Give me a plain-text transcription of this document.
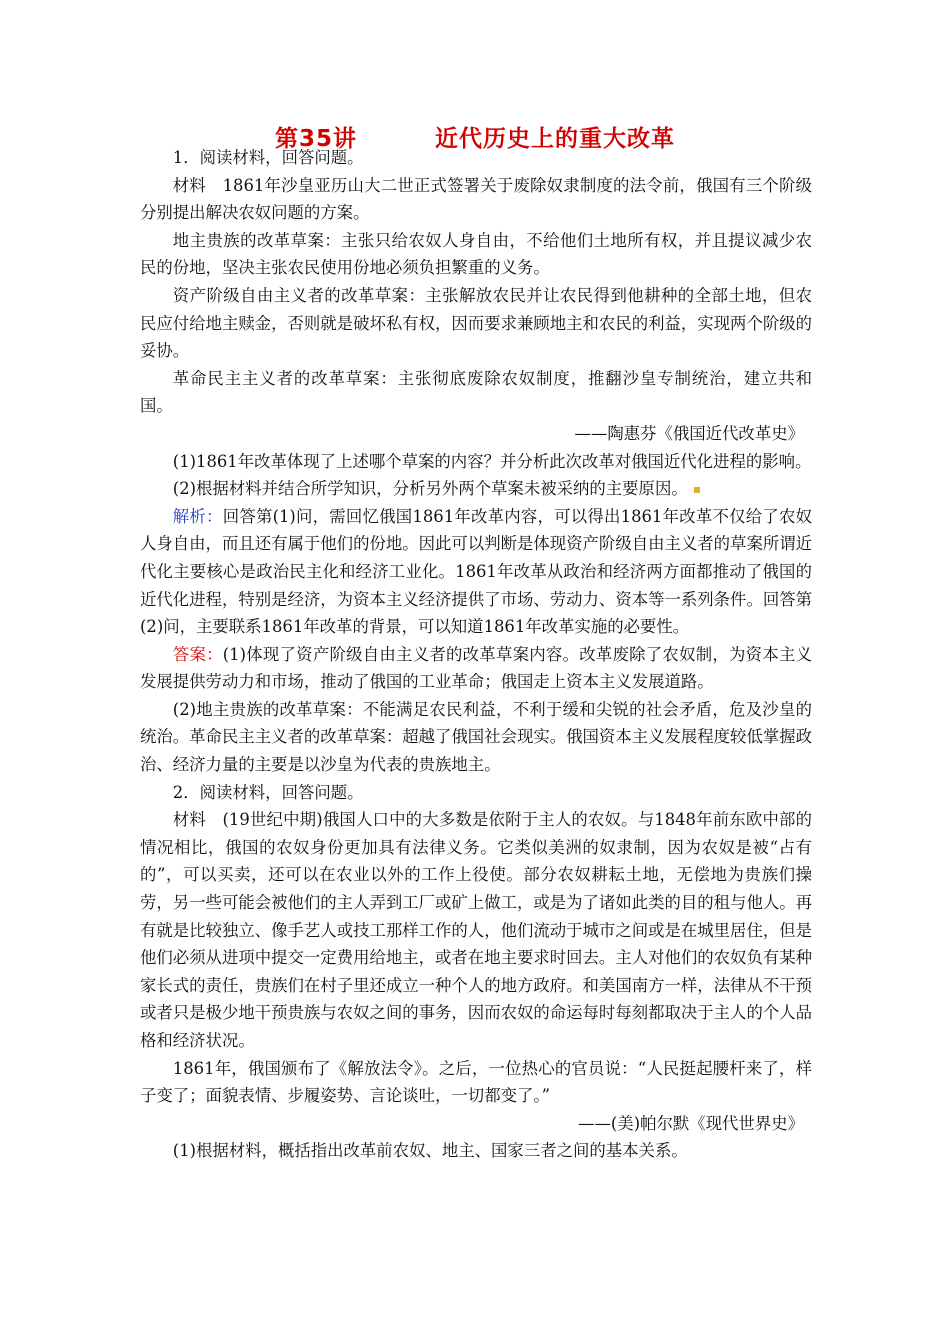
第35讲	近代历史上的重大改革

1．阅读材料，回答问题。

材料　1861年沙皇亚历山大二世正式签署关于废除奴隶制度的法令前，俄国有三个阶级分别提出解决农奴问题的方案。

地主贵族的改革草案：主张只给农奴人身自由，不给他们土地所有权，并且提议减少农民的份地，坚决主张农民使用份地必须负担繁重的义务。

资产阶级自由主义者的改革草案：主张解放农民并让农民得到他耕种的全部土地，但农民应付给地主赎金，否则就是破坏私有权，因而要求兼顾地主和农民的利益，实现两个阶级的妥协。

革命民主主义者的改革草案：主张彻底废除农奴制度，推翻沙皇专制统治，建立共和国。

——陶惠芬《俄国近代改革史》

(1)1861年改革体现了上述哪个草案的内容？并分析此次改革对俄国近代化进程的影响。

(2)根据材料并结合所学知识，分析另外两个草案未被采纳的主要原因。

解析：回答第(1)问，需回忆俄国1861年改革内容，可以得出1861年改革不仅给了农奴人身自由，而且还有属于他们的份地。因此可以判断是体现资产阶级自由主义者的草案所谓近代化主要核心是政治民主化和经济工业化。1861年改革从政治和经济两方面都推动了俄国的近代化进程，特别是经济，为资本主义经济提供了市场、劳动力、资本等一系列条件。回答第(2)问，主要联系1861年改革的背景，可以知道1861年改革实施的必要性。

答案：(1)体现了资产阶级自由主义者的改革草案内容。改革废除了农奴制，为资本主义发展提供劳动力和市场，推动了俄国的工业革命；俄国走上资本主义发展道路。

(2)地主贵族的改革草案：不能满足农民利益，不利于缓和尖锐的社会矛盾，危及沙皇的统治。革命民主主义者的改革草案：超越了俄国社会现实。俄国资本主义发展程度较低掌握政治、经济力量的主要是以沙皇为代表的贵族地主。

2．阅读材料，回答问题。

材料　(19世纪中期)俄国人口中的大多数是依附于主人的农奴。与1848年前东欧中部的情况相比，俄国的农奴身份更加具有法律义务。它类似美洲的奴隶制，因为农奴是被“占有的”，可以买卖，还可以在农业以外的工作上役使。部分农奴耕耘土地，无偿地为贵族们操劳，另一些可能会被他们的主人弄到工厂或矿上做工，或是为了诸如此类的目的租与他人。再有就是比较独立、像手艺人或技工那样工作的人，他们流动于城市之间或是在城里居住，但是他们必须从进项中提交一定费用给地主，或者在地主要求时回去。主人对他们的农奴负有某种家长式的责任，贵族们在村子里还成立一种个人的地方政府。和美国南方一样，法律从不干预或者只是极少地干预贵族与农奴之间的事务，因而农奴的命运每时每刻都取决于主人的个人品格和经济状况。

1861年，俄国颁布了《解放法令》。之后，一位热心的官员说：“人民挺起腰杆来了，样子变了；面貌表情、步履姿势、言论谈吐，一切都变了。”

——(美)帕尔默《现代世界史》

(1)根据材料，概括指出改革前农奴、地主、国家三者之间的基本关系。
